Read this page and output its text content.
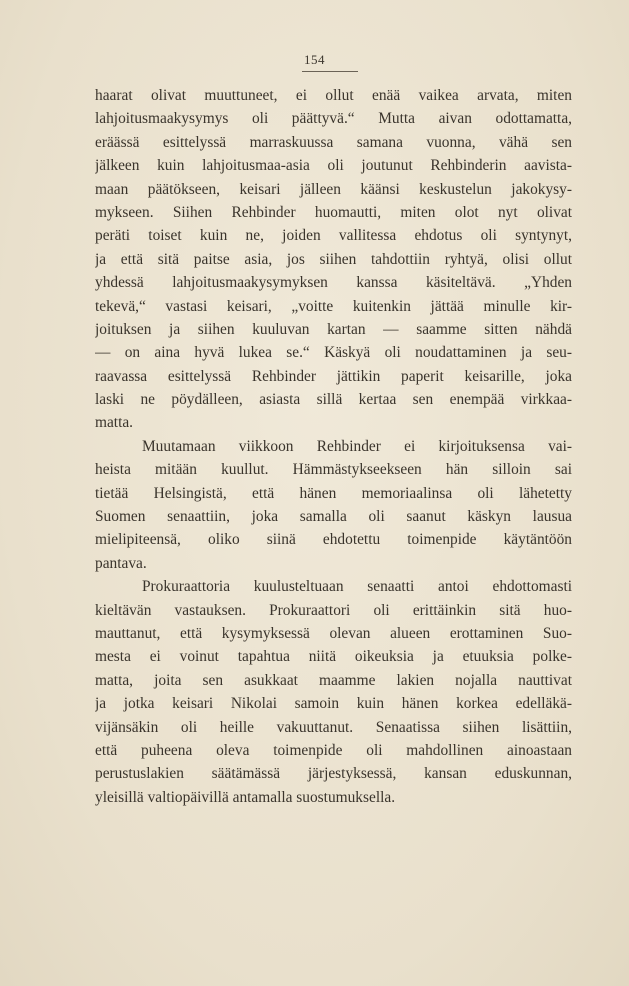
154
haarat olivat muuttuneet, ei ollut enää vaikea arvata, miten
lahjoitusmaakysymys oli päättyvä.“ Mutta aivan odottamatta,
eräässä esittelyssä marraskuussa samana vuonna, vähä sen
jälkeen kuin lahjoitusmaa-asia oli joutunut Rehbinderin aavista-
maan päätökseen, keisari jälleen käänsi keskustelun jakokysy-
mykseen. Siihen Rehbinder huomautti, miten olot nyt olivat
peräti toiset kuin ne, joiden vallitessa ehdotus oli syntynyt,
ja että sitä paitse asia, jos siihen tahdottiin ryhtyä, olisi ollut
yhdessä lahjoitusmaakysymyksen kanssa käsiteltävä. „Yhden
tekevä,“ vastasi keisari, „voitte kuitenkin jättää minulle kir-
joituksen ja siihen kuuluvan kartan — saamme sitten nähdä
— on aina hyvä lukea se.“ Käskyä oli noudattaminen ja seu-
raavassa esittelyssä Rehbinder jättikin paperit keisarille, joka
laski ne pöydälleen, asiasta sillä kertaa sen enempää virkkaa-
matta.
Muutamaan viikkoon Rehbinder ei kirjoituksensa vai-
heista mitään kuullut. Hämmästykseekseen hän silloin sai
tietää Helsingistä, että hänen memoriaalinsa oli lähetetty
Suomen senaattiin, joka samalla oli saanut käskyn lausua
mielipiteensä, oliko siinä ehdotettu toimenpide käytäntöön
pantava.
Prokuraattoria kuulusteltuaan senaatti antoi ehdottomasti
kieltävän vastauksen. Prokuraattori oli erittäinkin sitä huo-
mauttanut, että kysymyksessä olevan alueen erottaminen Suo-
mesta ei voinut tapahtua niitä oikeuksia ja etuuksia polke-
matta, joita sen asukkaat maamme lakien nojalla nauttivat
ja jotka keisari Nikolai samoin kuin hänen korkea edelläkä-
vijänsäkin oli heille vakuuttanut. Senaatissa siihen lisättiin,
että puheena oleva toimenpide oli mahdollinen ainoastaan
perustuslakien säätämässä järjestyksessä, kansan eduskunnan,
yleisillä valtiopäivillä antamalla suostumuksella.
